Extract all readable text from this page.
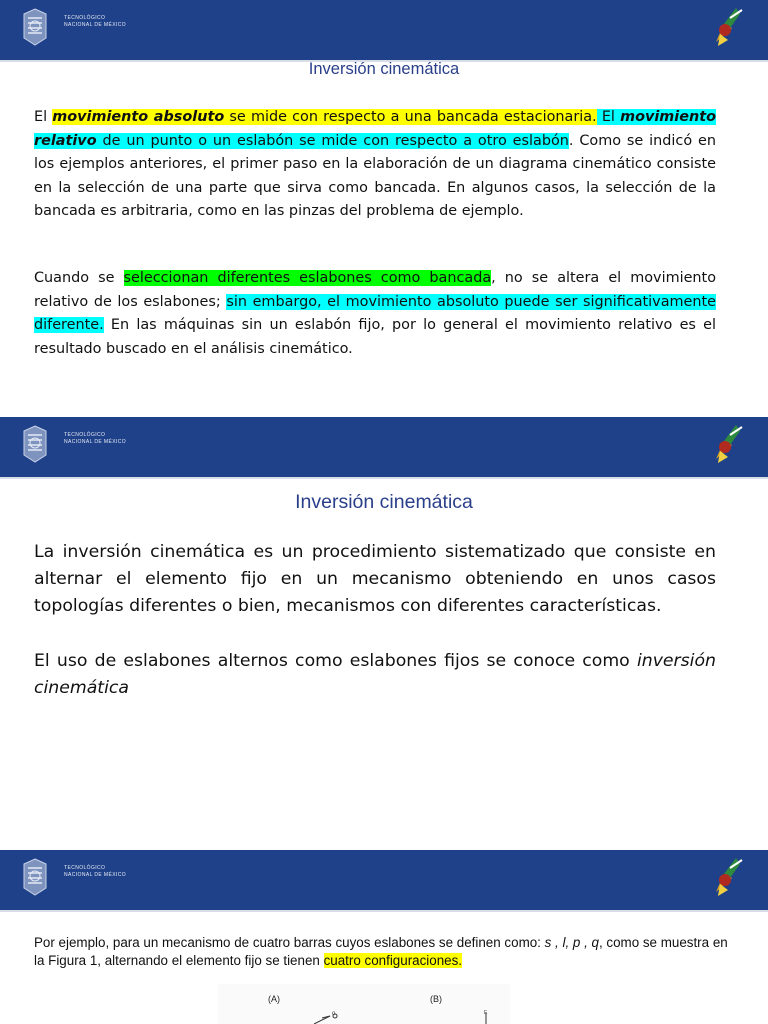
TECNOLÓGICO
NACIONAL DE MÉXICO
Inversión cinemática
El movimiento absoluto se mide con respecto a una bancada estacionaria. El movimiento relativo de un punto o un eslabón se mide con respecto a otro eslabón. Como se indicó en los ejemplos anteriores, el primer paso en la elaboración de un diagrama cinemático consiste en la selección de una parte que sirva como bancada. En algunos casos, la selección de la bancada es arbitraria, como en las pinzas del problema de ejemplo.
Cuando se seleccionan diferentes eslabones como bancada, no se altera el movimiento relativo de los eslabones; sin embargo, el movimiento absoluto puede ser significativamente diferente. En las máquinas sin un eslabón fijo, por lo general el movimiento relativo es el resultado buscado en el análisis cinemático.
TECNOLÓGICO
NACIONAL DE MÉXICO
Inversión cinemática
La inversión cinemática es un procedimiento sistematizado que consiste en alternar el elemento fijo en un mecanismo obteniendo en unos casos topologías diferentes o bien, mecanismos con diferentes características.
El uso de eslabones alternos como eslabones fijos se conoce como inversión cinemática
TECNOLÓGICO
NACIONAL DE MÉXICO
Por ejemplo, para un mecanismo de cuatro barras cuyos eslabones se definen como: s , l, p , q, como se muestra en la Figura 1, alternando el elemento fijo se tienen cuatro configuraciones.
(A)	(B)
o	E
